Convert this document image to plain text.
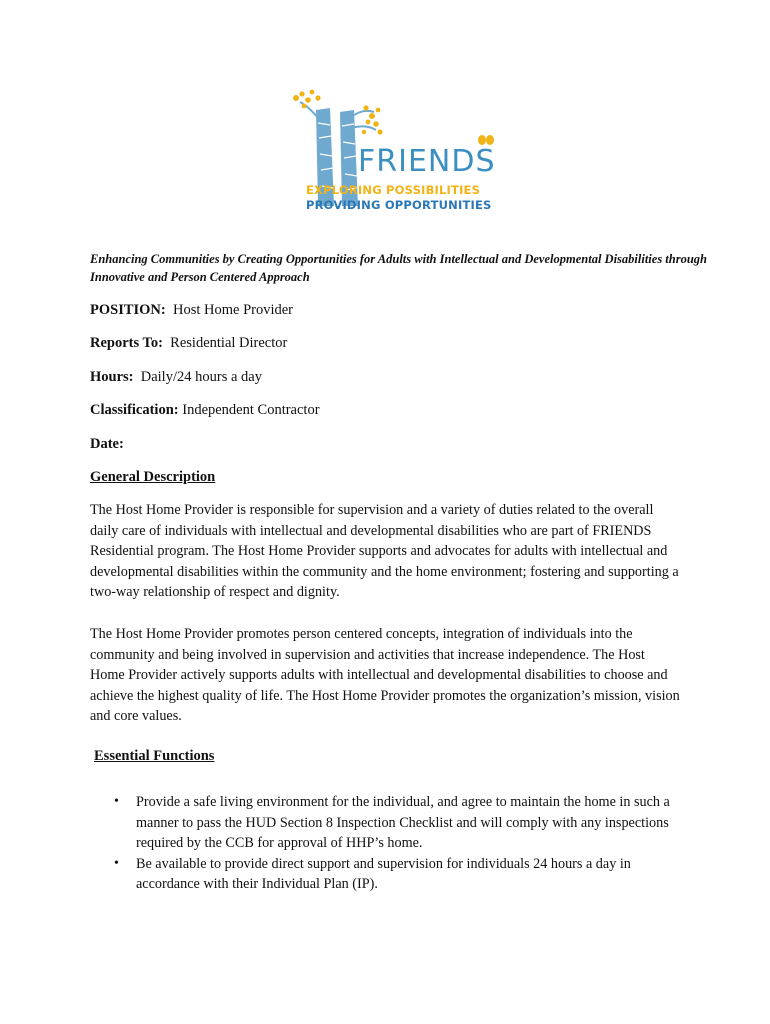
FRIENDS
EXPLORING POSSIBILITIES
PROVIDING OPPORTUNITIES
Enhancing Communities by Creating Opportunities for Adults with Intellectual and Developmental Disabilities through Innovative and Person Centered Approach
POSITION: Host Home Provider
Reports To: Residential Director
Hours: Daily/24 hours a day
Classification: Independent Contractor
Date:
General Description
The Host Home Provider is responsible for supervision and a variety of duties related to the overall daily care of individuals with intellectual and developmental disabilities who are part of FRIENDS Residential program. The Host Home Provider supports and advocates for adults with intellectual and developmental disabilities within the community and the home environment; fostering and supporting a two-way relationship of respect and dignity.
The Host Home Provider promotes person centered concepts, integration of individuals into the community and being involved in supervision and activities that increase independence. The Host Home Provider actively supports adults with intellectual and developmental disabilities to choose and achieve the highest quality of life. The Host Home Provider promotes the organization’s mission, vision and core values.
Essential Functions
• Provide a safe living environment for the individual, and agree to maintain the home in such a manner to pass the HUD Section 8 Inspection Checklist and will comply with any inspections required by the CCB for approval of HHP’s home.
• Be available to provide direct support and supervision for individuals 24 hours a day in accordance with their Individual Plan (IP).
